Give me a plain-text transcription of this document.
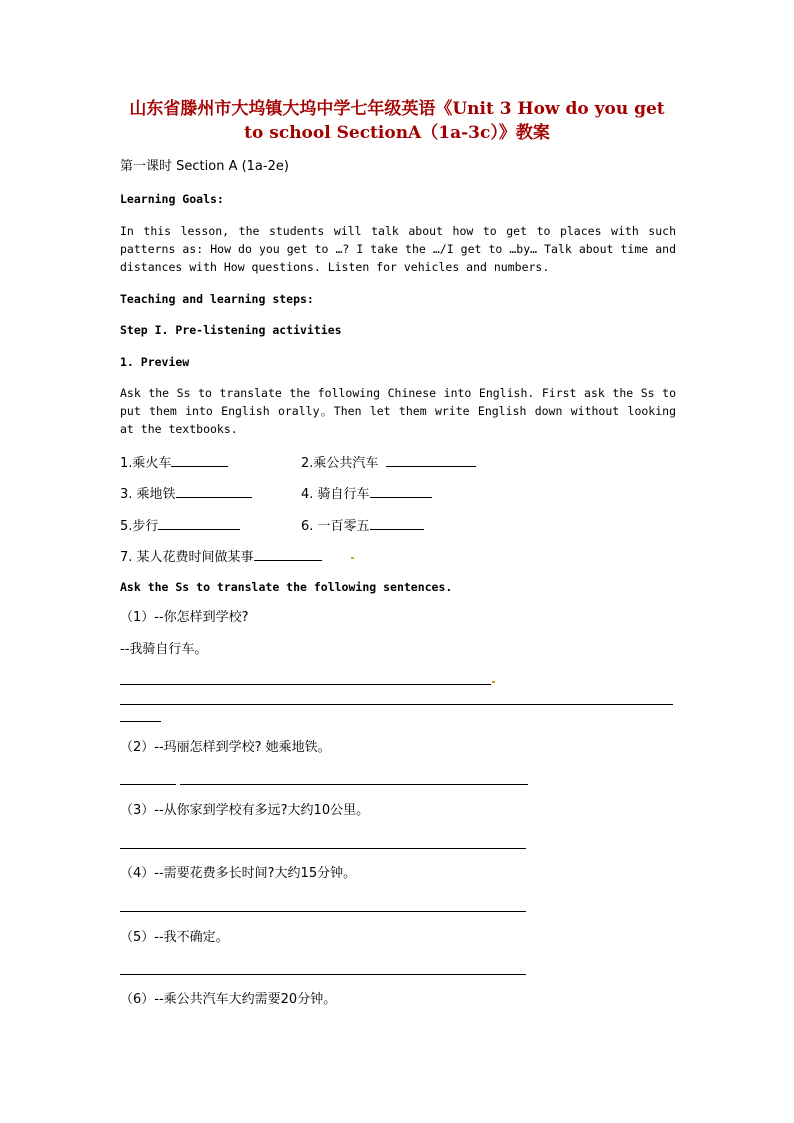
山东省滕州市大坞镇大坞中学七年级英语《Unit 3 How do you get
to school SectionA（1a-3c）》教案

第一课时 Section A (1a-2e)

Learning Goals:

In this lesson, the students will talk about how to get to places with such patterns as: How do you get to …? I take the …/I get to …by… Talk about time and distances with How questions. Listen for vehicles and numbers.

Teaching and learning steps:

Step I. Pre-listening activities

1. Preview

Ask the Ss to translate the following Chinese into English. First ask the Ss to put them into English orally。Then let them write English down without looking at the textbooks.

1.乘火车	2.乘公共汽车

3. 乘地铁	4. 骑自行车

5.步行	6. 一百零五

7. 某人花费时间做某事

Ask the Ss to translate the following sentences.

（1）--你怎样到学校?

--我骑自行车。

（2）--玛丽怎样到学校? 她乘地铁。

（3）--从你家到学校有多远?大约10公里。

（4）--需要花费多长时间?大约15分钟。

（5）--我不确定。

（6）--乘公共汽车大约需要20分钟。
